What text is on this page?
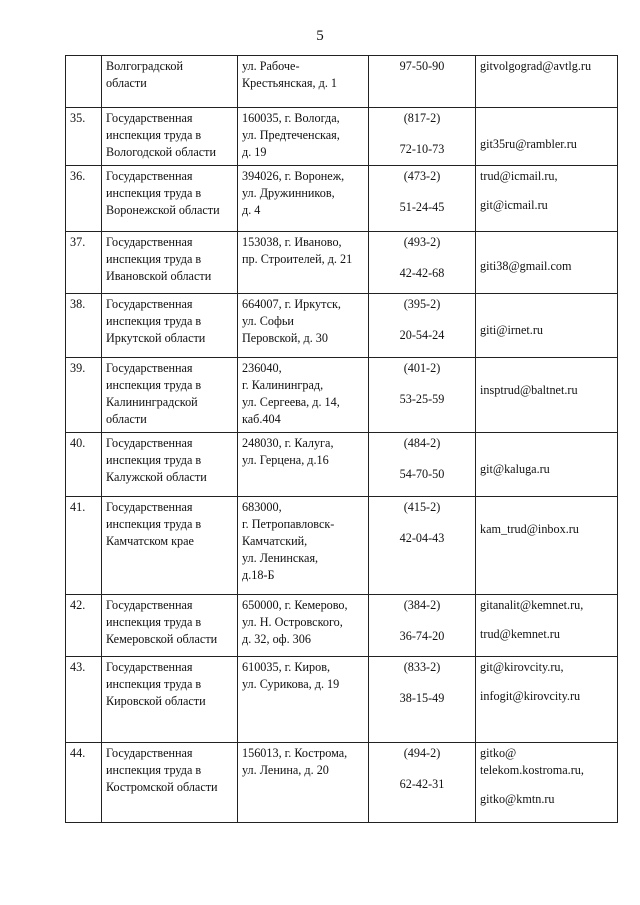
5

	Волгоградской
области	ул. Рабоче-
Крестьянская, д. 1	97-50-90	gitvolgograd@avtlg.ru

35.	Государственная
инспекция труда в
Вологодской области	160035, г. Вологда,
ул. Предтеченская,
д. 19	(817-2)
72-10-73	git35ru@rambler.ru

36.	Государственная
инспекция труда в
Воронежской области	394026, г. Воронеж,
ул. Дружинников,
д. 4	(473-2)
51-24-45	trud@icmail.ru,
git@icmail.ru

37.	Государственная
инспекция труда в
Ивановской области	153038, г. Иваново,
пр. Строителей, д. 21	(493-2)
42-42-68	giti38@gmail.com

38.	Государственная
инспекция труда в
Иркутской области	664007, г. Иркутск,
ул. Софьи
Перовской, д. 30	(395-2)
20-54-24	giti@irnet.ru

39.	Государственная
инспекция труда в
Калининградской
области	236040,
г. Калининград,
ул. Сергеева, д. 14,
каб.404	(401-2)
53-25-59	insptrud@baltnet.ru

40.	Государственная
инспекция труда в
Калужской области	248030, г. Калуга,
ул. Герцена, д.16	(484-2)
54-70-50	git@kaluga.ru

41.	Государственная
инспекция труда в
Камчатском крае	683000,
г. Петропавловск-
Камчатский,
ул. Ленинская,
д.18-Б	(415-2)
42-04-43	kam_trud@inbox.ru

42.	Государственная
инспекция труда в
Кемеровской области	650000, г. Кемерово,
ул. Н. Островского,
д. 32, оф. 306	(384-2)
36-74-20	gitanalit@kemnet.ru,
trud@kemnet.ru

43.	Государственная
инспекция труда в
Кировской области	610035, г. Киров,
ул. Сурикова, д. 19	(833-2)
38-15-49	git@kirovcity.ru,
infogit@kirovcity.ru

44.	Государственная
инспекция труда в
Костромской области	156013, г. Кострома,
ул. Ленина, д. 20	(494-2)
62-42-31	gitko@
telekom.kostroma.ru,
gitko@kmtn.ru
